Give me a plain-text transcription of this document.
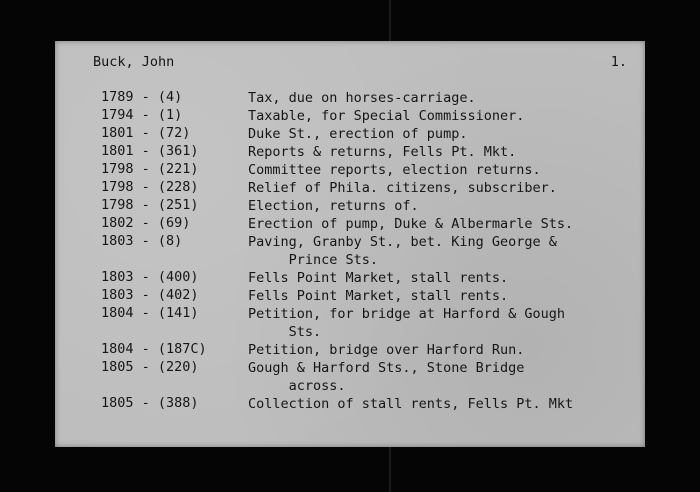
Buck, John	1.
1789 - (4)	Tax, due on horses-carriage.
1794 - (1)	Taxable, for Special Commissioner.
1801 - (72)	Duke St., erection of pump.
1801 - (361)	Reports & returns, Fells Pt. Mkt.
1798 - (221)	Committee reports, election returns.
1798 - (228)	Relief of Phila. citizens, subscriber.
1798 - (251)	Election, returns of.
1802 - (69)	Erection of pump, Duke & Albermarle Sts.
1803 - (8)	Paving, Granby St., bet. King George &
Prince Sts.
1803 - (400)	Fells Point Market, stall rents.
1803 - (402)	Fells Point Market, stall rents.
1804 - (141)	Petition, for bridge at Harford & Gough
Sts.
1804 - (187C)	Petition, bridge over Harford Run.
1805 - (220)	Gough & Harford Sts., Stone Bridge
across.
1805 - (388)	Collection of stall rents, Fells Pt. Mkt
